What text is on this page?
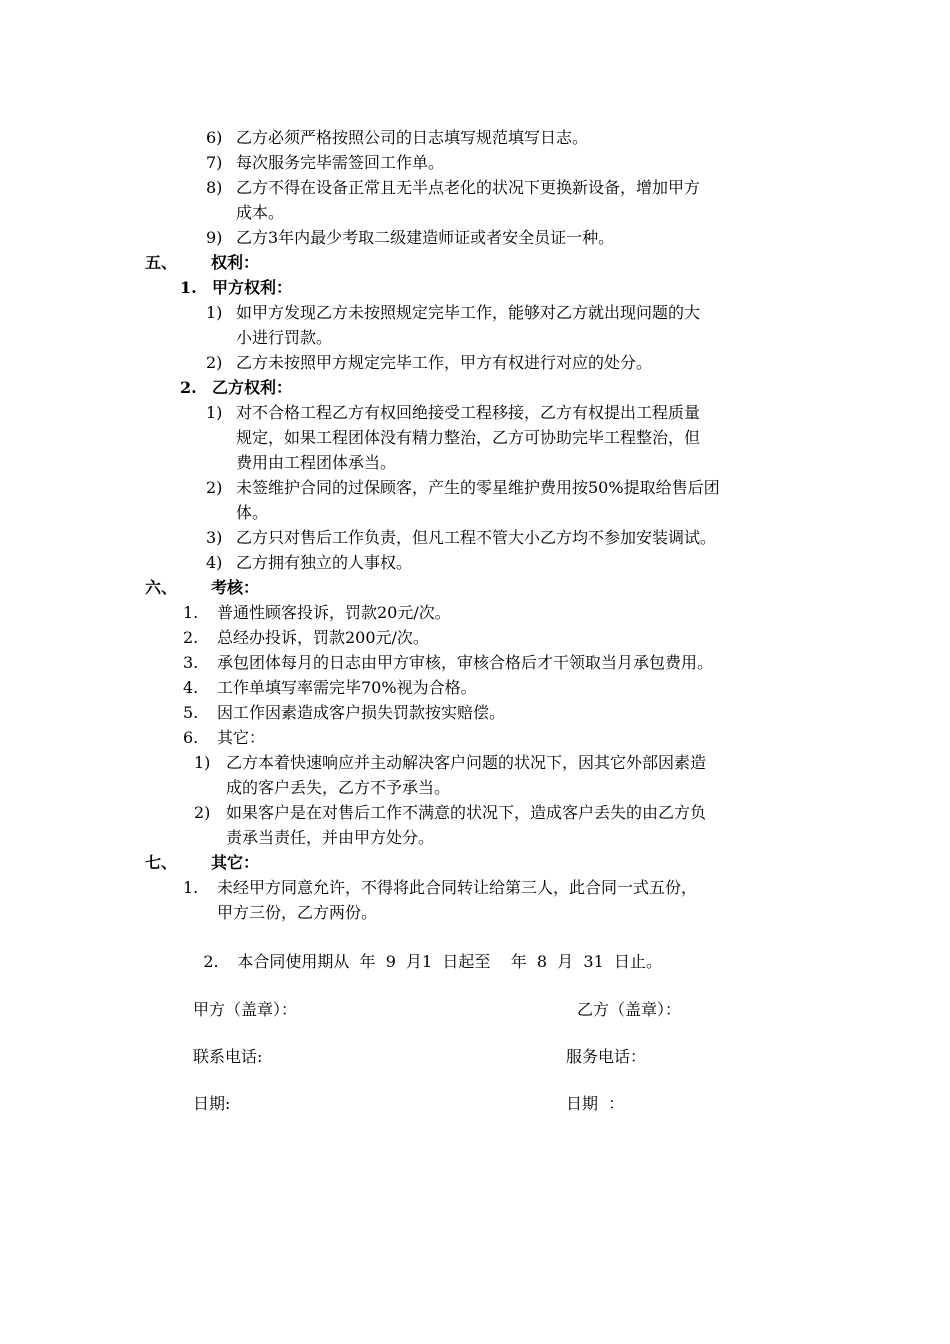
6) 乙方必须严格按照公司的日志填写规范填写日志。
7) 每次服务完毕需签回工作单。
8) 乙方不得在设备正常且无半点老化的状况下更换新设备，增加甲方
成本。
9) 乙方3年内最少考取二级建造师证或者安全员证一种。
五、 权利：
1. 甲方权利：
1) 如甲方发现乙方未按照规定完毕工作，能够对乙方就出现问题的大
小进行罚款。
2) 乙方未按照甲方规定完毕工作，甲方有权进行对应的处分。
2. 乙方权利：
1) 对不合格工程乙方有权回绝接受工程移接，乙方有权提出工程质量
规定，如果工程团体没有精力整治，乙方可协助完毕工程整治，但
费用由工程团体承当。
2) 未签维护合同的过保顾客，产生的零星维护费用按50%提取给售后团
体。
3) 乙方只对售后工作负责，但凡工程不管大小乙方均不参加安装调试。
4) 乙方拥有独立的人事权。
六、 考核：
1. 普通性顾客投诉，罚款20元/次。
2. 总经办投诉，罚款200元/次。
3. 承包团体每月的日志由甲方审核，审核合格后才干领取当月承包费用。
4. 工作单填写率需完毕70%视为合格。
5. 因工作因素造成客户损失罚款按实赔偿。
6. 其它：
1) 乙方本着快速响应并主动解决客户问题的状况下，因其它外部因素造
成的客户丢失，乙方不予承当。
2) 如果客户是在对售后工作不满意的状况下，造成客户丢失的由乙方负
责承当责任，并由甲方处分。
七、 其它：
1. 未经甲方同意允许，不得将此合同转让给第三人，此合同一式五份，
甲方三份，乙方两份。

2. 本合同使用期从  年  9  月1  日起至    年  8  月  31  日止。

甲方（盖章）：	乙方（盖章）：
联系电话:	服务电话：
日期:	日期  ：
